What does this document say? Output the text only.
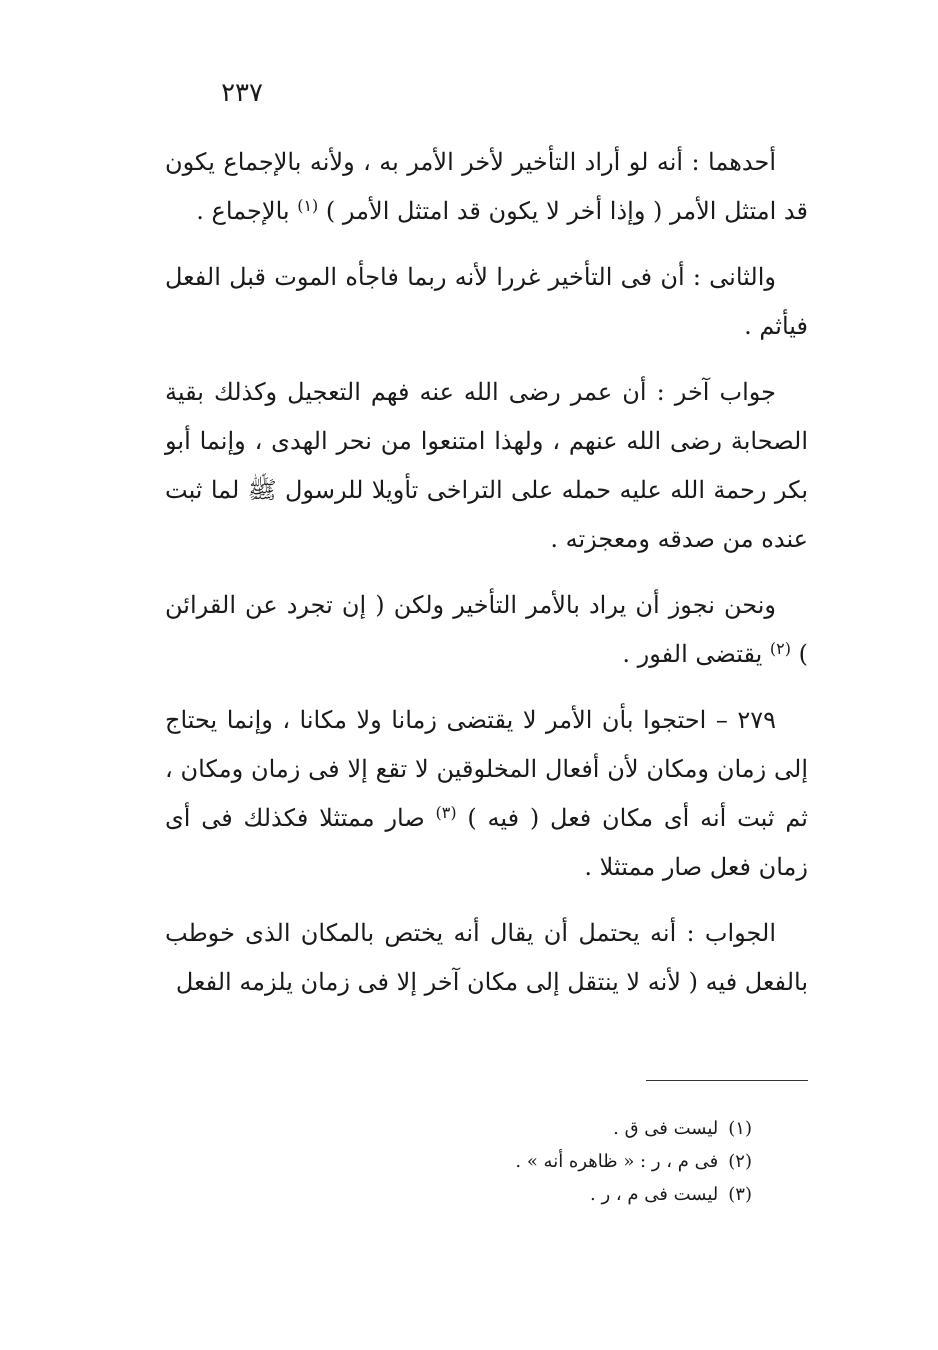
٢٣٧

أحدهما : أنه لو أراد التأخير لأخر الأمر به ، ولأنه بالإجماع يكون قد امتثل الأمر ( وإذا أخر لا يكون قد امتثل الأمر ) $^{(١)}$ بالإجماع .

والثانى : أن فى التأخير غررا لأنه ربما فاجأه الموت قبل الفعل فيأثم .

جواب آخر : أن عمر رضى الله عنه فهم التعجيل وكذلك بقية الصحابة رضى الله عنهم ، ولهذا امتنعوا من نحر الهدى ، وإنما أبو بكر رحمة الله عليه حمله على التراخى تأويلا للرسول ﷺ لما ثبت عنده من صدقه ومعجزته .

ونحن نجوز أن يراد بالأمر التأخير ولكن ( إن تجرد عن القرائن ) $^{(٢)}$ يقتضى الفور .

٢٧٩ – احتجوا بأن الأمر لا يقتضى زمانا ولا مكانا ، وإنما يحتاج إلى زمان ومكان لأن أفعال المخلوقين لا تقع إلا فى زمان ومكان ، ثم ثبت أنه أى مكان فعل ( فيه ) $^{(٣)}$ صار ممتثلا فكذلك فى أى زمان فعل صار ممتثلا .

الجواب : أنه يحتمل أن يقال أنه يختص بالمكان الذى خوطب بالفعل فيه ( لأنه لا ينتقل إلى مكان آخر إلا فى زمان يلزمه الفعل

(١)ليست فى ق .
(٢)فى م ، ر : « ظاهره أنه » .
(٣)ليست فى م ، ر .
